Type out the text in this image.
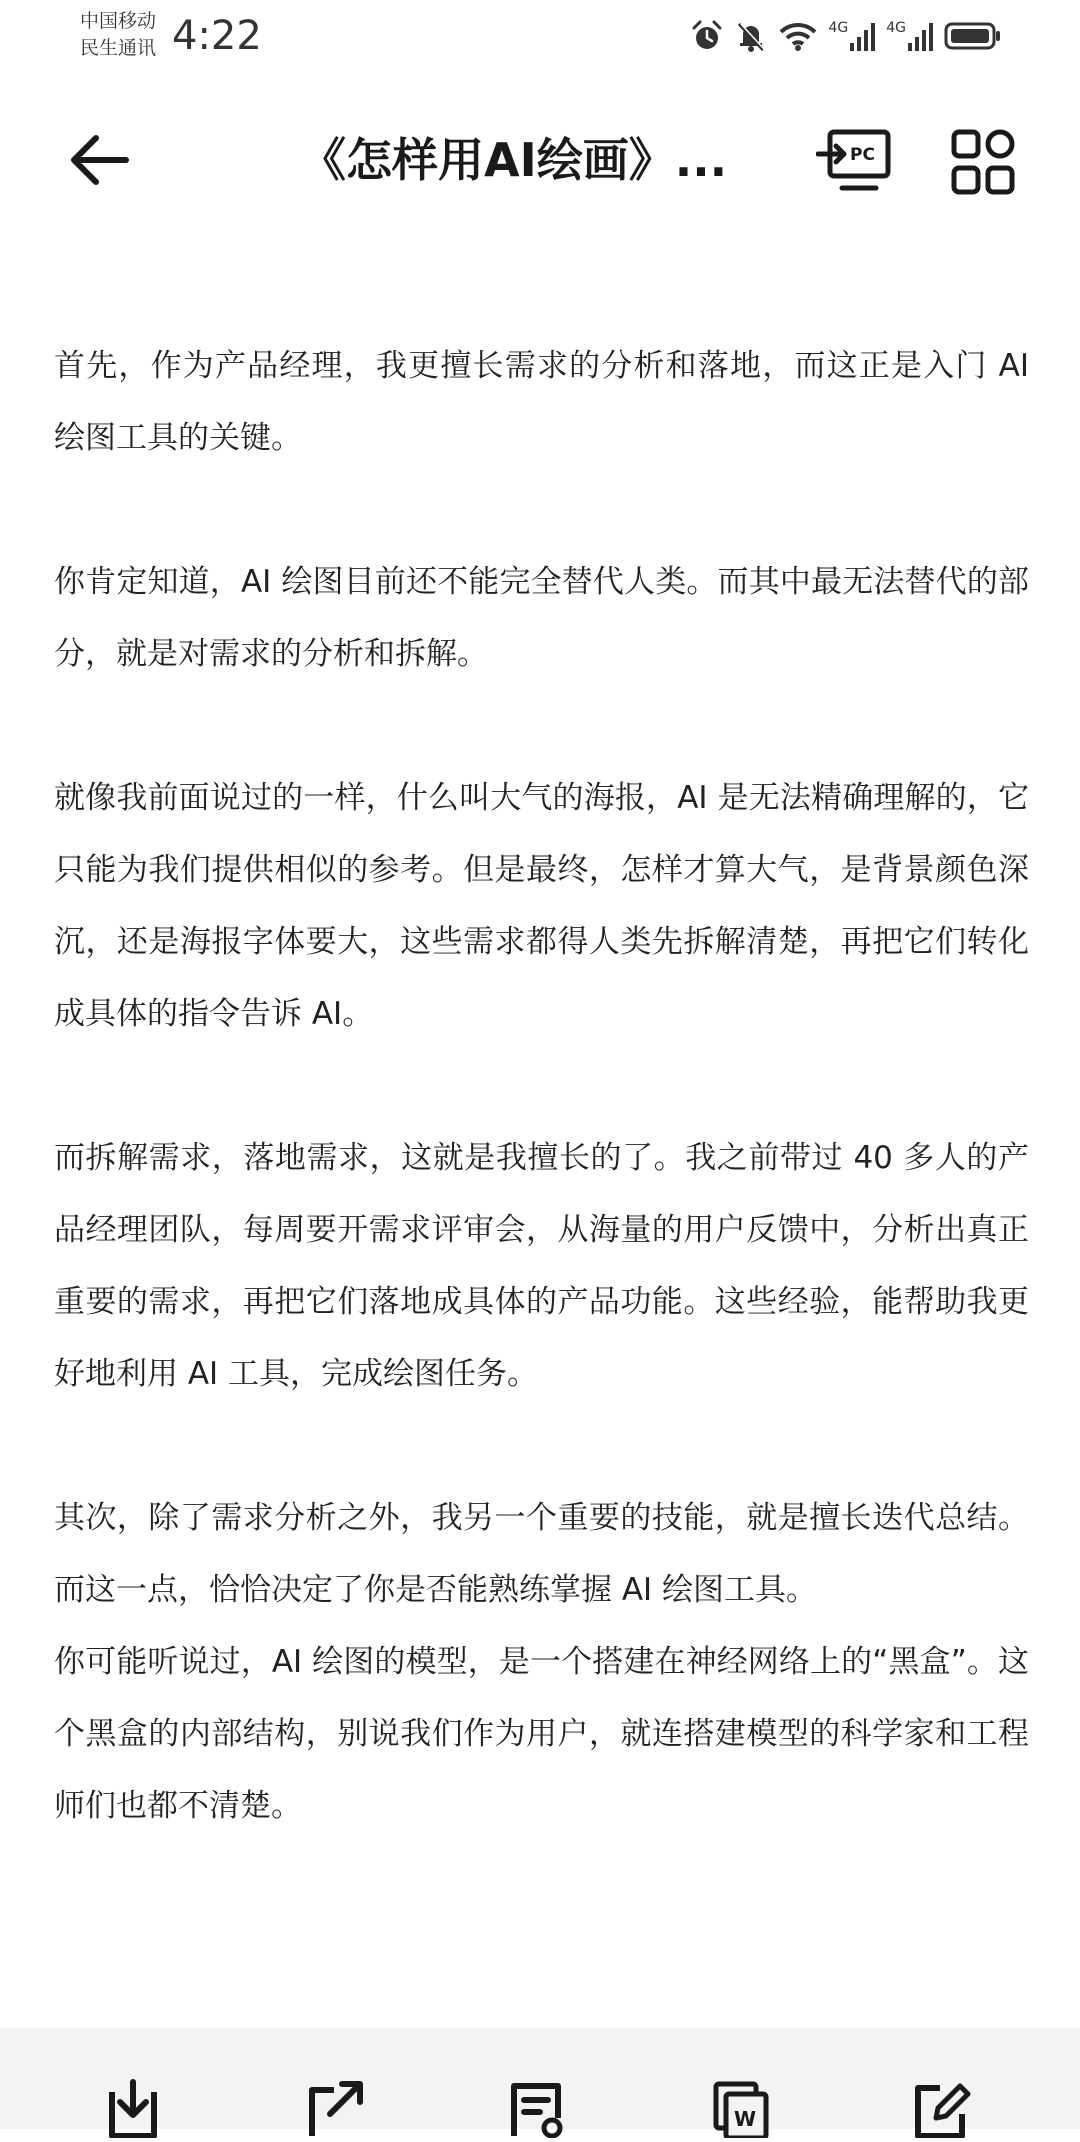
中国移动
民生通讯 4:22	4G	4G
《怎样用AI绘画》...	PC

首先，作为产品经理，我更擅长需求的分析和落地，而这正是入门 AI 绘图工具的关键。

你肯定知道，AI 绘图目前还不能完全替代人类。而其中最无法替代的部分，就是对需求的分析和拆解。

就像我前面说过的一样，什么叫大气的海报，AI 是无法精确理解的，它只能为我们提供相似的参考。但是最终，怎样才算大气，是背景颜色深沉，还是海报字体要大，这些需求都得人类先拆解清楚，再把它们转化成具体的指令告诉 AI。

而拆解需求，落地需求，这就是我擅长的了。我之前带过 40 多人的产品经理团队，每周要开需求评审会，从海量的用户反馈中，分析出真正重要的需求，再把它们落地成具体的产品功能。这些经验，能帮助我更好地利用 AI 工具，完成绘图任务。

其次，除了需求分析之外，我另一个重要的技能，就是擅长迭代总结。而这一点，恰恰决定了你是否能熟练掌握 AI 绘图工具。

你可能听说过，AI 绘图的模型，是一个搭建在神经网络上的“黑盒”。这个黑盒的内部结构，别说我们作为用户，就连搭建模型的科学家和工程师们也都不清楚。

W
